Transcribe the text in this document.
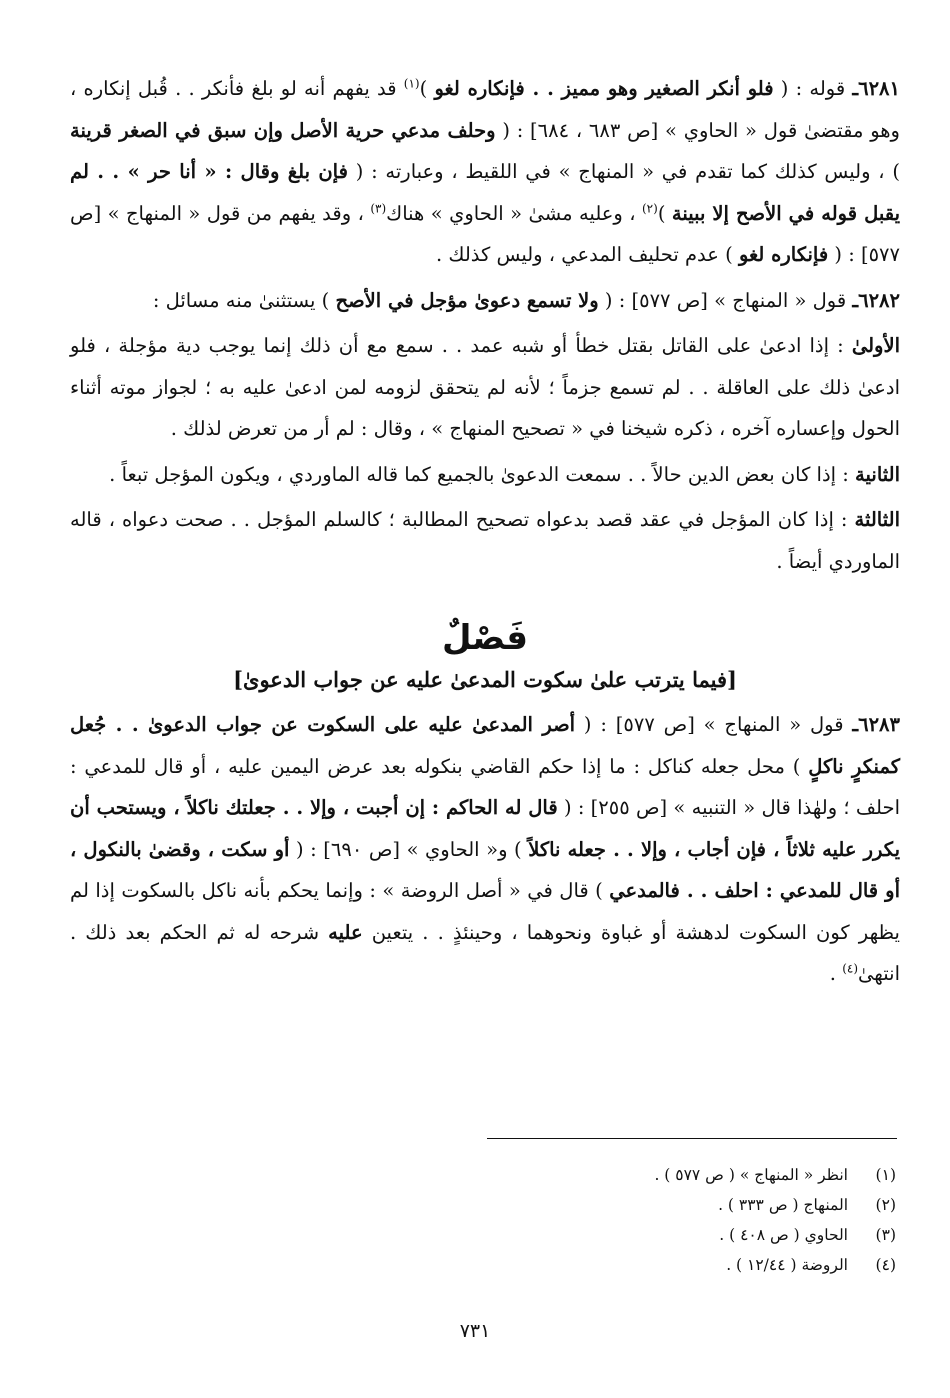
٦٢٨١ـ قوله : ( فلو أنكر الصغير وهو مميز . . فإنكاره لغو )$^{(١)}$ قد يفهم أنه لو بلغ فأنكر . . قُبل إنكاره ، وهو مقتضىٰ قول « الحاوي » [ص ٦٨٣ ، ٦٨٤] : ( وحلف مدعي حرية الأصل وإن سبق في الصغر قرينة ) ، وليس كذلك كما تقدم في « المنهاج » في اللقيط ، وعبارته : ( فإن بلغ وقال : « أنا حر » . . لم يقبل قوله في الأصح إلا ببينة )$^{(٢)}$ ، وعليه مشىٰ « الحاوي » هناك$^{(٣)}$ ، وقد يفهم من قول « المنهاج » [ص ٥٧٧] : ( فإنكاره لغو ) عدم تحليف المدعي ، وليس كذلك .
٦٢٨٢ـ قول « المنهاج » [ص ٥٧٧] : ( ولا تسمع دعوىٰ مؤجل في الأصح ) يستثنىٰ منه مسائل :
الأولىٰ : إذا ادعىٰ على القاتل بقتل خطأ أو شبه عمد . . سمع مع أن ذلك إنما يوجب دية مؤجلة ، فلو ادعىٰ ذلك على العاقلة . . لم تسمع جزماً ؛ لأنه لم يتحقق لزومه لمن ادعىٰ عليه به ؛ لجواز موته أثناء الحول وإعساره آخره ، ذكره شيخنا في « تصحيح المنهاج » ، وقال : لم أر من تعرض لذلك .
الثانية : إذا كان بعض الدين حالاً . . سمعت الدعوىٰ بالجميع كما قاله الماوردي ، ويكون المؤجل تبعاً .
الثالثة : إذا كان المؤجل في عقد قصد بدعواه تصحيح المطالبة ؛ كالسلم المؤجل . . صحت دعواه ، قاله الماوردي أيضاً .
فَصْلٌ
[فيما يترتب علىٰ سكوت المدعىٰ عليه عن جواب الدعوىٰ]
٦٢٨٣ـ قول « المنهاج » [ص ٥٧٧] : ( أصر المدعىٰ عليه على السكوت عن جواب الدعوىٰ . . جُعل كمنكرٍ ناكلٍ ) محل جعله كناكل : ما إذا حكم القاضي بنكوله بعد عرض اليمين عليه ، أو قال للمدعي : احلف ؛ ولهٰذا قال « التنبيه » [ص ٢٥٥] : ( قال له الحاكم : إن أجبت ، وإلا . . جعلتك ناكلاً ، ويستحب أن يكرر عليه ثلاثاً ، فإن أجاب ، وإلا . . جعله ناكلاً ) و« الحاوي » [ص ٦٩٠] : ( أو سكت ، وقضىٰ بالنكول ، أو قال للمدعي : احلف . . فالمدعي ) قال في « أصل الروضة » : وإنما يحكم بأنه ناكل بالسكوت إذا لم يظهر كون السكوت لدهشة أو غباوة ونحوهما ، وحينئذٍ . . يتعين عليه شرحه له ثم الحكم بعد ذلك . انتهىٰ$^{(٤)}$ .
(١)
انظر « المنهاج » ( ص ٥٧٧ ) .
(٢)
المنهاج ( ص ٣٣٣ ) .
(٣)
الحاوي ( ص ٤٠٨ ) .
(٤)
الروضة ( ١٢/٤٤ ) .
٧٣١
